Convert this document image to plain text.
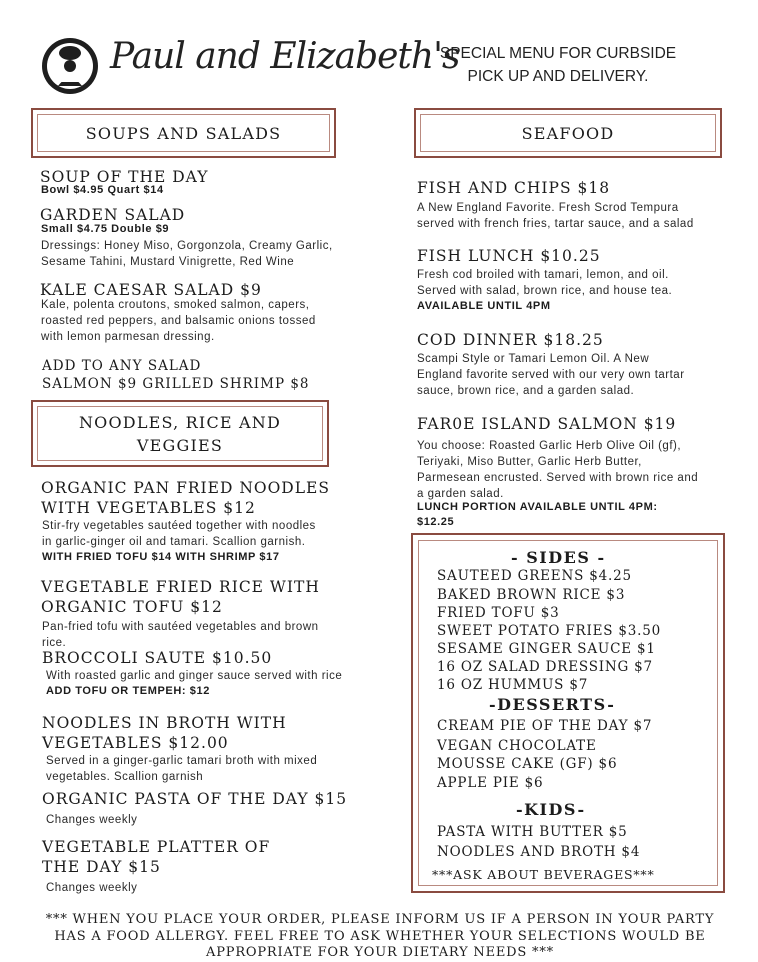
Paul and Elizabeth's
SPECIAL MENU FOR CURBSIDE
PICK UP AND DELIVERY.
SOUPS AND SALADS
SOUP OF THE DAY
Bowl $4.95 Quart $14
GARDEN SALAD
Small $4.75 Double $9
Dressings: Honey Miso, Gorgonzola, Creamy Garlic,
Sesame Tahini, Mustard Vinigrette, Red Wine
KALE CAESAR SALAD $9
Kale, polenta croutons, smoked salmon, capers,
roasted red peppers, and balsamic onions tossed
with lemon parmesan dressing.
ADD TO ANY SALAD
SALMON $9 GRILLED SHRIMP $8
NOODLES, RICE AND
VEGGIES
ORGANIC PAN FRIED NOODLES
WITH VEGETABLES $12
Stir-fry vegetables sautéed together with noodles
in garlic-ginger oil and tamari. Scallion garnish.
WITH FRIED TOFU $14 WITH SHRIMP $17
VEGETABLE FRIED RICE WITH
ORGANIC TOFU $12
Pan-fried tofu with sautéed vegetables and brown
rice.
BROCCOLI SAUTE $10.50
With roasted garlic and ginger sauce served with rice
ADD TOFU OR TEMPEH: $12
NOODLES IN BROTH WITH
VEGETABLES $12.00
Served in a ginger-garlic tamari broth with mixed
vegetables. Scallion garnish
ORGANIC PASTA OF THE DAY $15
Changes weekly
VEGETABLE PLATTER OF
THE DAY $15
Changes weekly
SEAFOOD
FISH AND CHIPS $18
A New England Favorite. Fresh Scrod Tempura
served with french fries, tartar sauce, and a salad
FISH LUNCH $10.25
Fresh cod broiled with tamari, lemon, and oil.
Served with salad, brown rice, and house tea.
AVAILABLE UNTIL 4PM
COD DINNER $18.25
Scampi Style or Tamari Lemon Oil. A New
England favorite served with our very own tartar
sauce, brown rice, and a garden salad.
FAR0E ISLAND SALMON $19
You choose: Roasted Garlic Herb Olive Oil (gf),
Teriyaki, Miso Butter, Garlic Herb Butter,
Parmesean encrusted. Served with brown rice and
a garden salad.
LUNCH PORTION AVAILABLE UNTIL 4PM:
$12.25
- SIDES -
SAUTEED GREENS $4.25
BAKED BROWN RICE $3
FRIED TOFU $3
SWEET POTATO FRIES $3.50
SESAME GINGER SAUCE $1
16 OZ SALAD DRESSING $7
16 OZ HUMMUS $7
-DESSERTS-
CREAM PIE OF THE DAY $7
VEGAN CHOCOLATE
MOUSSE CAKE (GF) $6
APPLE PIE $6
-KIDS-
PASTA WITH BUTTER $5
NOODLES AND BROTH $4
***ASK ABOUT BEVERAGES***
*** WHEN YOU PLACE YOUR ORDER, PLEASE INFORM US IF A PERSON IN YOUR PARTY
HAS A FOOD ALLERGY. FEEL FREE TO ASK WHETHER YOUR SELECTIONS WOULD BE
APPROPRIATE FOR YOUR DIETARY NEEDS ***
